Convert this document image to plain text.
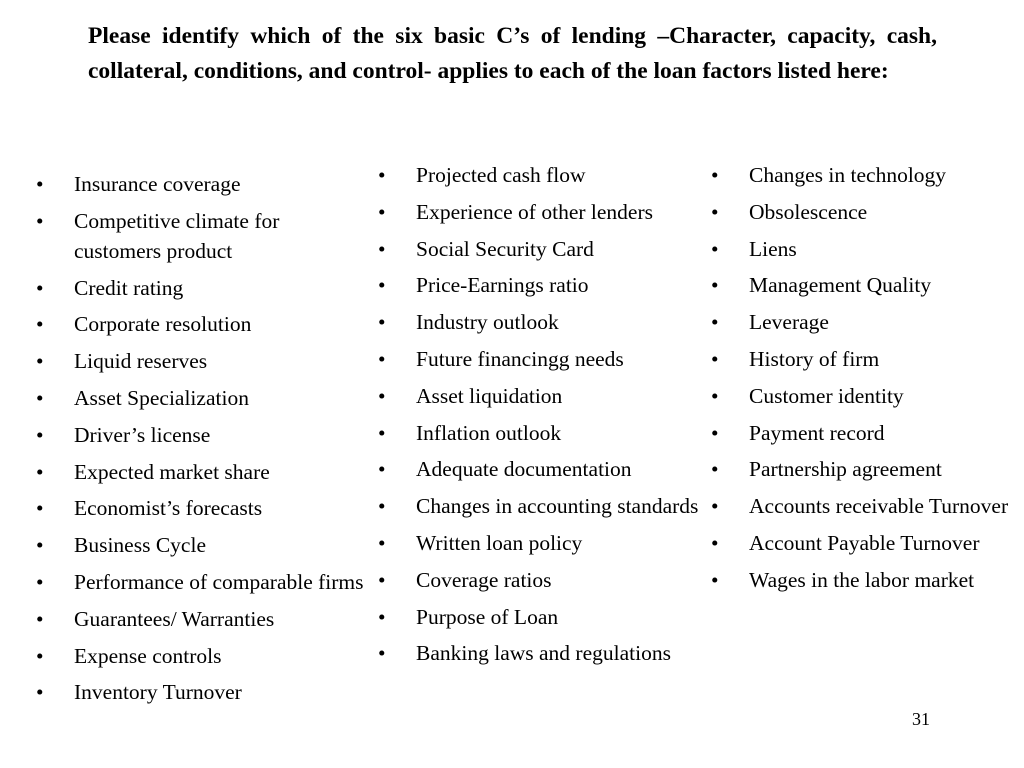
Please identify which of the six basic C’s of lending –Character, capacity, cash, collateral, conditions, and control- applies to each of the loan factors listed here:
• Insurance coverage
• Competitive climate for customers product
• Credit rating
• Corporate resolution
• Liquid reserves
• Asset Specialization
• Driver’s license
• Expected market share
• Economist’s forecasts
• Business Cycle
• Performance of comparable firms
• Guarantees/ Warranties
• Expense controls
• Inventory Turnover
• Projected cash flow
• Experience of other lenders
• Social Security Card
• Price-Earnings ratio
• Industry outlook
• Future financingg needs
• Asset liquidation
• Inflation outlook
• Adequate documentation
• Changes in accounting standards
• Written loan policy
• Coverage ratios
• Purpose of Loan
• Banking laws and regulations
• Changes in technology
• Obsolescence
• Liens
• Management Quality
• Leverage
• History of firm
• Customer identity
• Payment record
• Partnership agreement
• Accounts receivable Turnover
• Account Payable Turnover
• Wages in the labor market
31
